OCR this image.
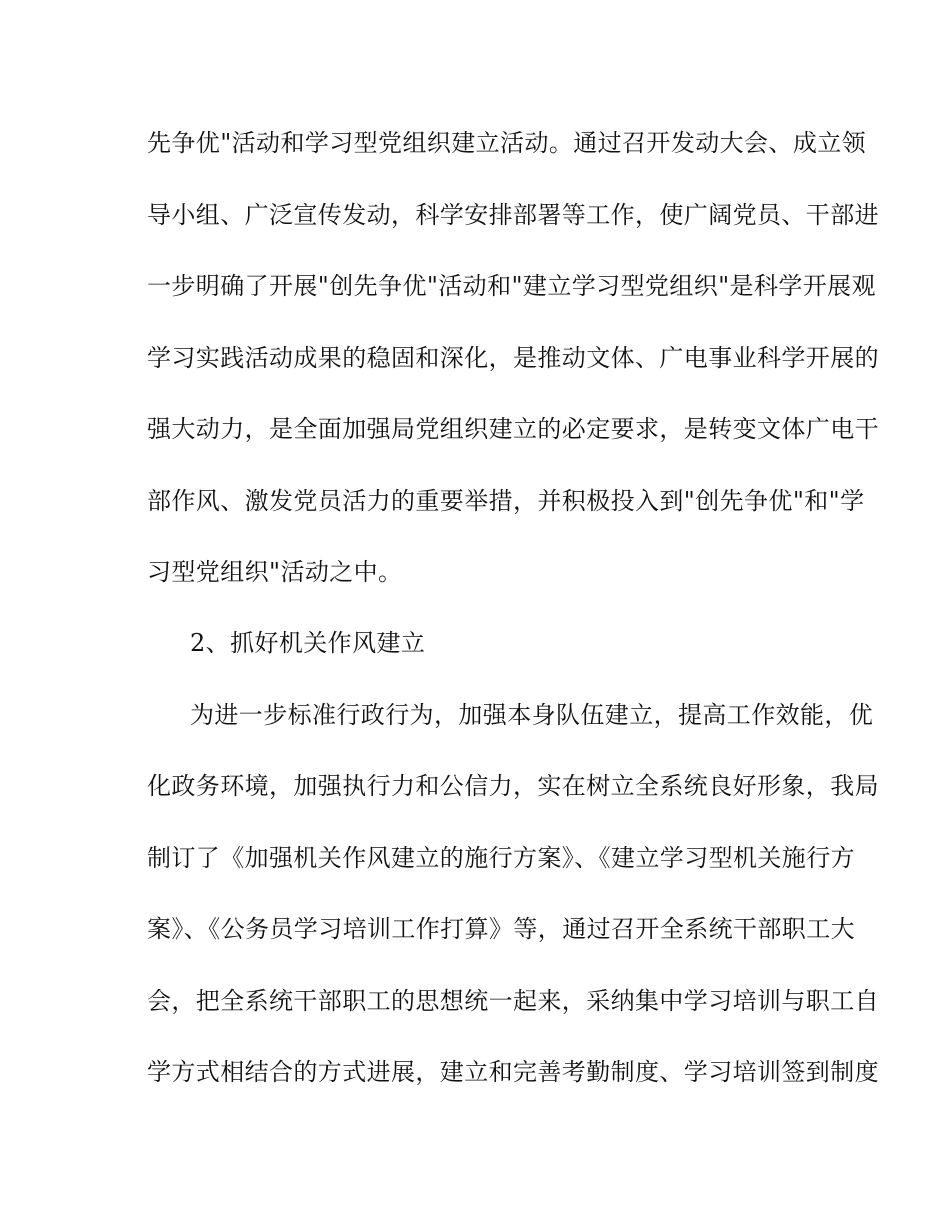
先争优"活动和学习型党组织建立活动。通过召开发动大会、成立领
导小组、广泛宣传发动，科学安排部署等工作，使广阔党员、干部进
一步明确了开展"创先争优"活动和"建立学习型党组织"是科学开展观
学习实践活动成果的稳固和深化，是推动文体、广电事业科学开展的
强大动力，是全面加强局党组织建立的必定要求，是转变文体广电干
部作风、激发党员活力的重要举措，并积极投入到"创先争优"和"学
习型党组织"活动之中。
2、抓好机关作风建立
为进一步标准行政行为，加强本身队伍建立，提高工作效能，优
化政务环境，加强执行力和公信力，实在树立全系统良好形象，我局
制订了《加强机关作风建立的施行方案》、《建立学习型机关施行方
案》、《公务员学习培训工作打算》等，通过召开全系统干部职工大
会，把全系统干部职工的思想统一起来，采纳集中学习培训与职工自
学方式相结合的方式进展，建立和完善考勤制度、学习培训签到制度
